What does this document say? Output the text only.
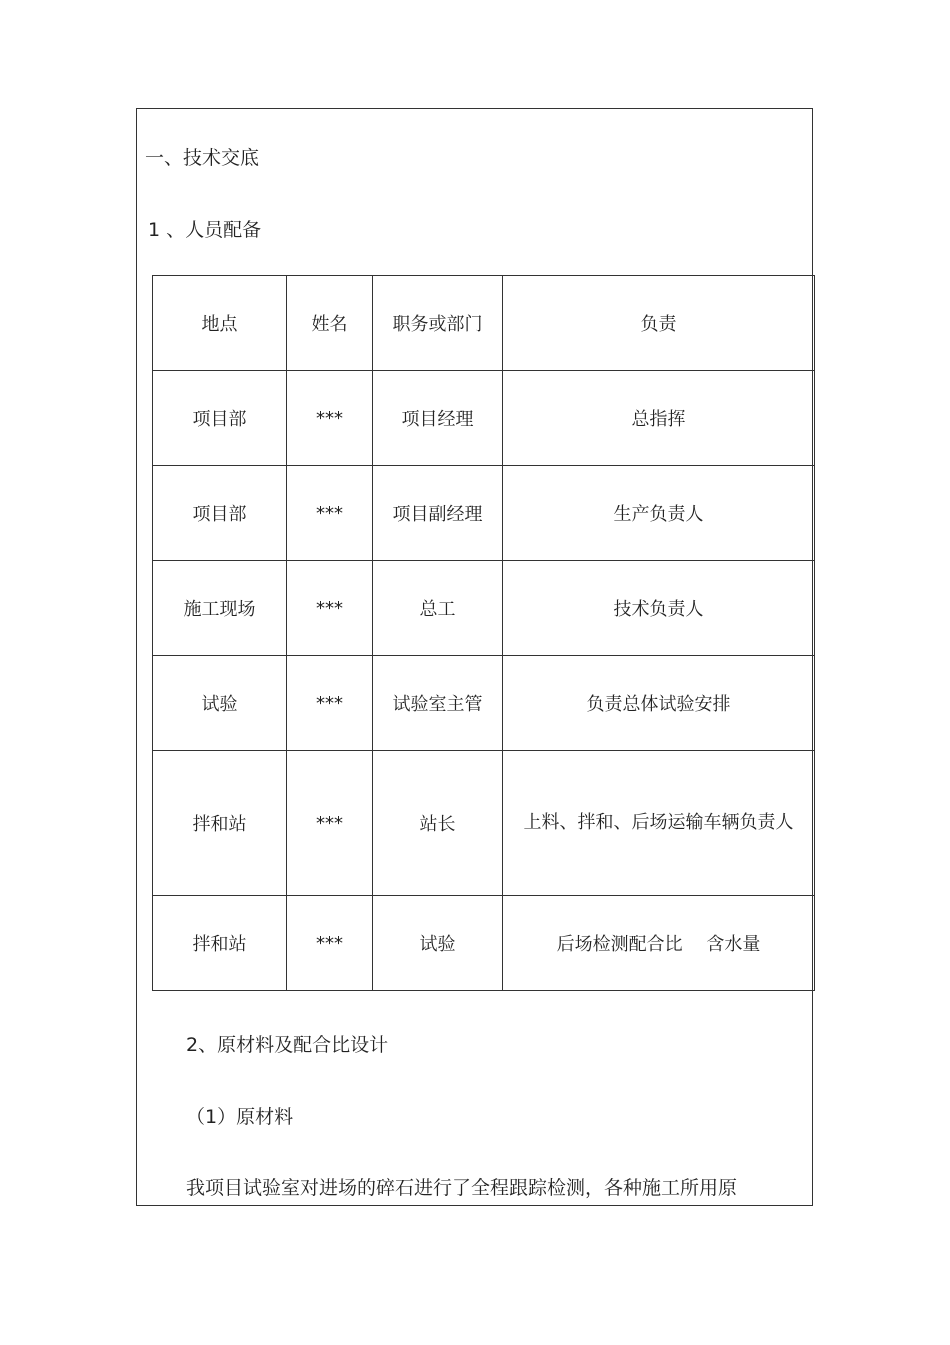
一、技术交底
1 、人员配备
地点	姓名	职务或部门	负责
项目部	***	项目经理	总指挥
项目部	***	项目副经理	生产负责人
施工现场	***	总工	技术负责人
试验	***	试验室主管	负责总体试验安排
拌和站	***	站长	上料、拌和、后场运输车辆负责人
拌和站	***	试验	后场检测配合比　 含水量
2、原材料及配合比设计
（1）原材料
我项目试验室对进场的碎石进行了全程跟踪检测，各种施工所用原
